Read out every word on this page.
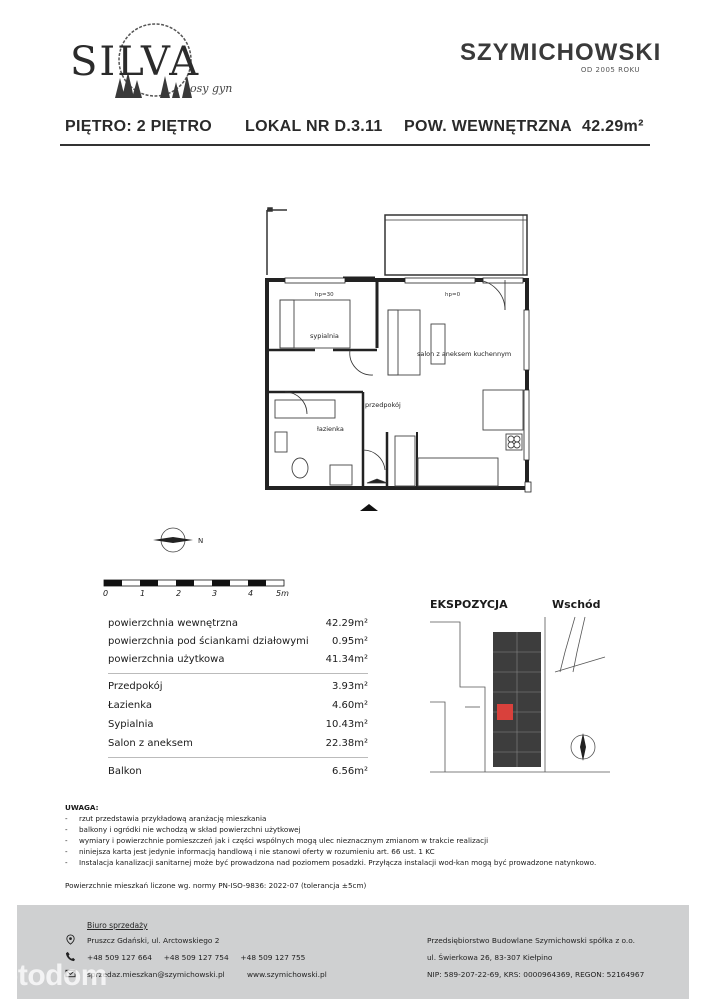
SILVA
osy gyn
SZYMICHOWSKI
OD 2005 ROKU
PIĘTRO: 2 PIĘTRO LOKAL NR D.3.11 POW. WEWNĘTRZNA 42.29m²
hp=30	hp=0
sypialnia
salon z aneksem kuchennym
przedpokój
łazienka
N
0	1	2	3	4	5m
powierzchnia wewnętrzna	42.29m²
powierzchnia pod ściankami działowymi 0.95m²
powierzchnia użytkowa	41.34m²
Przedpokój	3.93m²
Łazienka	4.60m²
Sypialnia	10.43m²
Salon z aneksem	22.38m²
Balkon	6.56m²
EKSPOZYCJA	Wschód
UWAGA:
- rzut przedstawia przykładową aranżację mieszkania
- balkony i ogródki nie wchodzą w skład powierzchni użytkowej
- wymiary i powierzchnie pomieszczeń jak i części wspólnych mogą ulec nieznacznym zmianom w trakcie realizacji
- niniejsza karta jest jedynie informacją handlową i nie stanowi oferty w rozumieniu art. 66 ust. 1 KC
- Instalacja kanalizacji sanitarnej może być prowadzona nad poziomem posadzki. Przyłącza instalacji wod-kan mogą być prowadzone natynkowo.
Powierzchnie mieszkań liczone wg. normy PN-ISO-9836: 2022-07 (tolerancja ±5cm)
Biuro sprzedaży
Pruszcz Gdański, ul. Arctowskiego 2
+48 509 127 664     +48 509 127 754     +48 509 127 755
sprzedaz.mieszkan@szymichowski.pl	www.szymichowski.pl
Przedsiębiorstwo Budowlane Szymichowski spółka z o.o.
ul. Świerkowa 26, 83-307 Kiełpino
NIP: 589-207-22-69, KRS: 0000964369, REGON: 52164967
otodom
